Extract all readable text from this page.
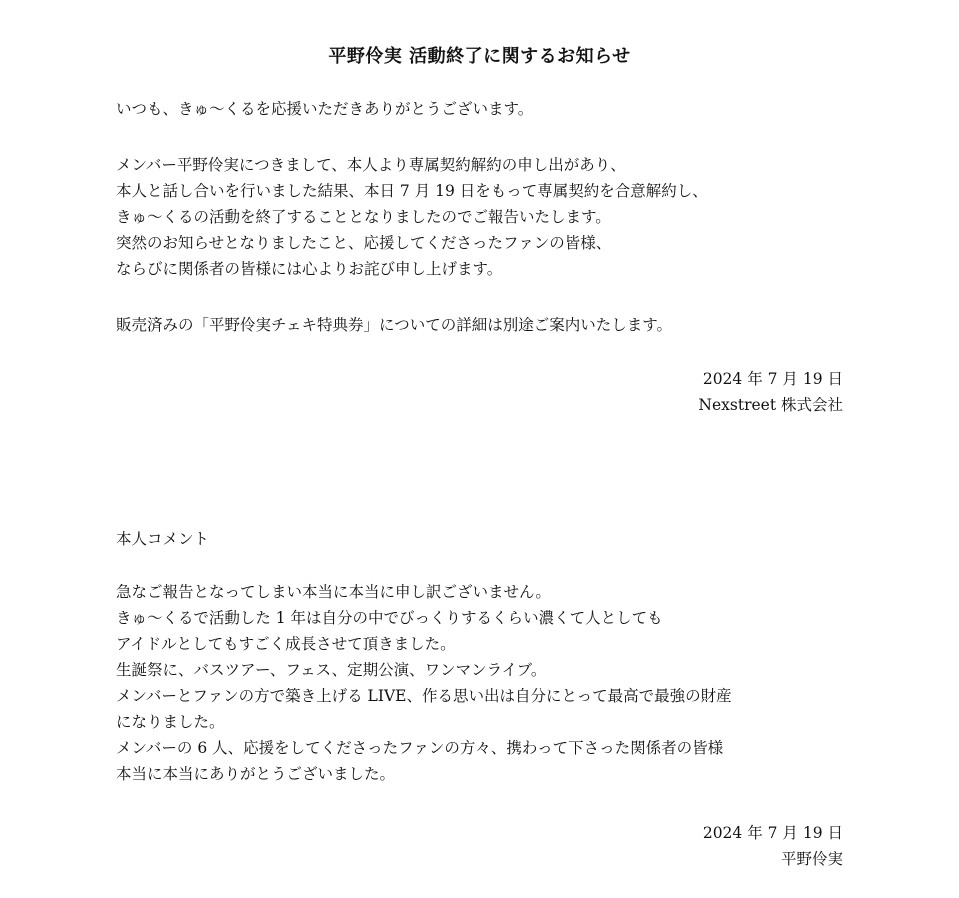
平野伶実 活動終了に関するお知らせ
いつも、きゅ～くるを応援いただきありがとうございます。
メンバー平野伶実につきまして、本人より専属契約解約の申し出があり、
本人と話し合いを行いました結果、本日 7 月 19 日をもって専属契約を合意解約し、
きゅ～くるの活動を終了することとなりましたのでご報告いたします。
突然のお知らせとなりましたこと、応援してくださったファンの皆様、
ならびに関係者の皆様には心よりお詫び申し上げます。
販売済みの「平野伶実チェキ特典券」についての詳細は別途ご案内いたします。
2024 年 7 月 19 日
Nexstreet 株式会社
本人コメント
急なご報告となってしまい本当に本当に申し訳ございません。
きゅ～くるで活動した 1 年は自分の中でびっくりするくらい濃くて人としても
アイドルとしてもすごく成長させて頂きました。
生誕祭に、バスツアー、フェス、定期公演、ワンマンライブ。
メンバーとファンの方で築き上げる LIVE、作る思い出は自分にとって最高で最強の財産
になりました。
メンバーの 6 人、応援をしてくださったファンの方々、携わって下さった関係者の皆様
本当に本当にありがとうございました。
2024 年 7 月 19 日
平野伶実
